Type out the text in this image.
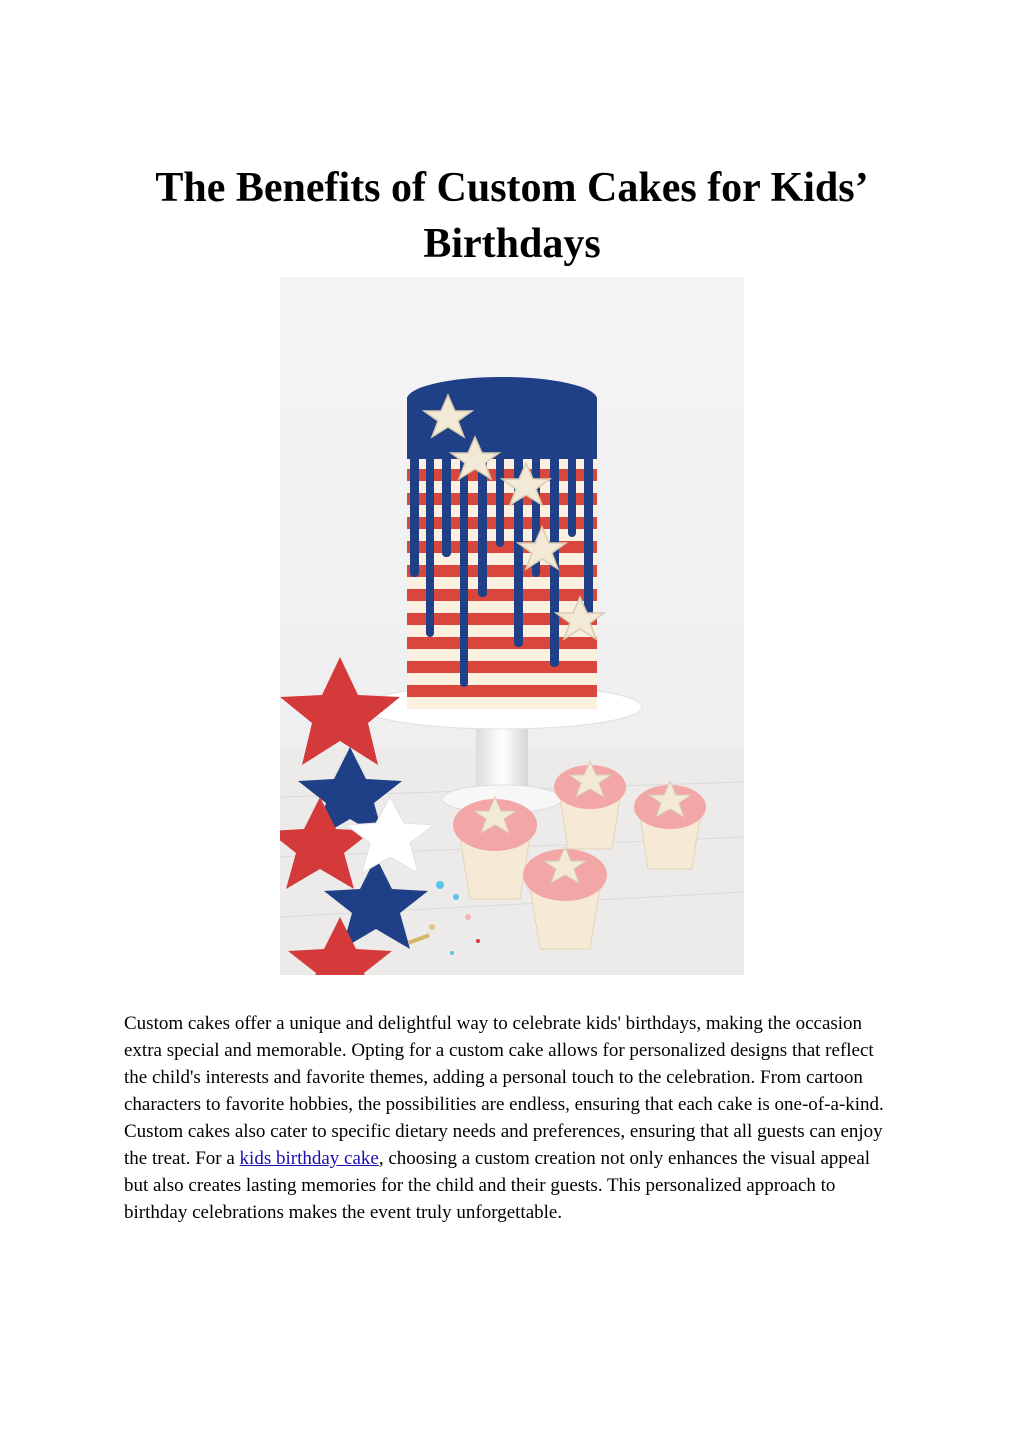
The Benefits of Custom Cakes for Kids’
Birthdays

Custom cakes offer a unique and delightful way to celebrate kids' birthdays, making the occasion extra special and memorable. Opting for a custom cake allows for personalized designs that reflect the child's interests and favorite themes, adding a personal touch to the celebration. From cartoon characters to favorite hobbies, the possibilities are endless, ensuring that each cake is one-of-a-kind. Custom cakes also cater to specific dietary needs and preferences, ensuring that all guests can enjoy the treat. For a kids birthday cake, choosing a custom creation not only enhances the visual appeal but also creates lasting memories for the child and their guests. This personalized approach to birthday celebrations makes the event truly unforgettable.
